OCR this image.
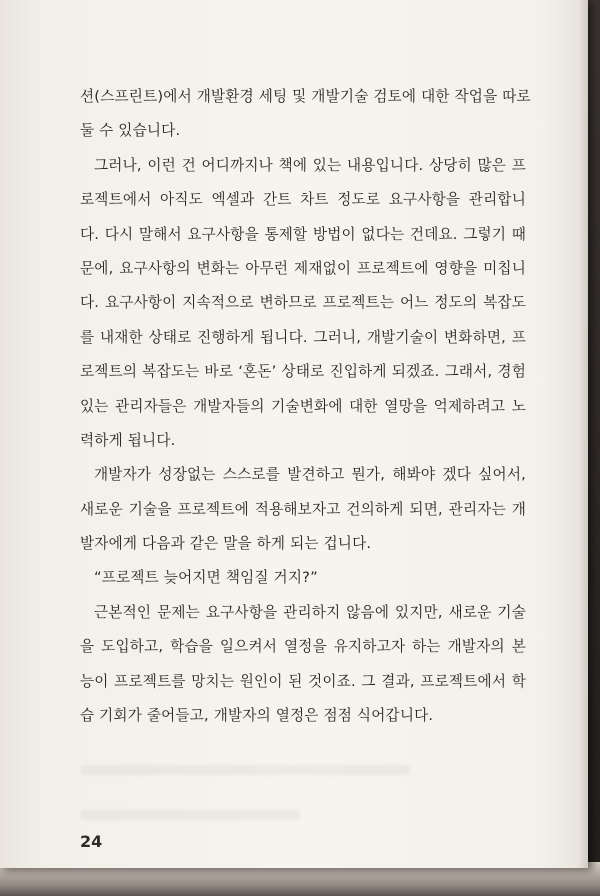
션(스프린트)에서 개발환경 세팅 및 개발기술 검토에 대한 작업을 따로
둘 수 있습니다.
그러나, 이런 건 어디까지나 책에 있는 내용입니다. 상당히 많은 프
로젝트에서 아직도 엑셀과 간트 차트 정도로 요구사항을 관리합니
다. 다시 말해서 요구사항을 통제할 방법이 없다는 건데요. 그렇기 때
문에, 요구사항의 변화는 아무런 제재없이 프로젝트에 영향을 미칩니
다. 요구사항이 지속적으로 변하므로 프로젝트는 어느 정도의 복잡도
를 내재한 상태로 진행하게 됩니다. 그러니, 개발기술이 변화하면, 프
로젝트의 복잡도는 바로 ‘혼돈’ 상태로 진입하게 되겠죠. 그래서, 경험
있는 관리자들은 개발자들의 기술변화에 대한 열망을 억제하려고 노
력하게 됩니다.
개발자가 성장없는 스스로를 발견하고 뭔가, 해봐야 겠다 싶어서,
새로운 기술을 프로젝트에 적용해보자고 건의하게 되면, 관리자는 개
발자에게 다음과 같은 말을 하게 되는 겁니다.
“프로젝트 늦어지면 책임질 거지?”
근본적인 문제는 요구사항을 관리하지 않음에 있지만, 새로운 기술
을 도입하고, 학습을 일으켜서 열정을 유지하고자 하는 개발자의 본
능이 프로젝트를 망치는 원인이 된 것이죠. 그 결과, 프로젝트에서 학
습 기회가 줄어들고, 개발자의 열정은 점점 식어갑니다.
24
